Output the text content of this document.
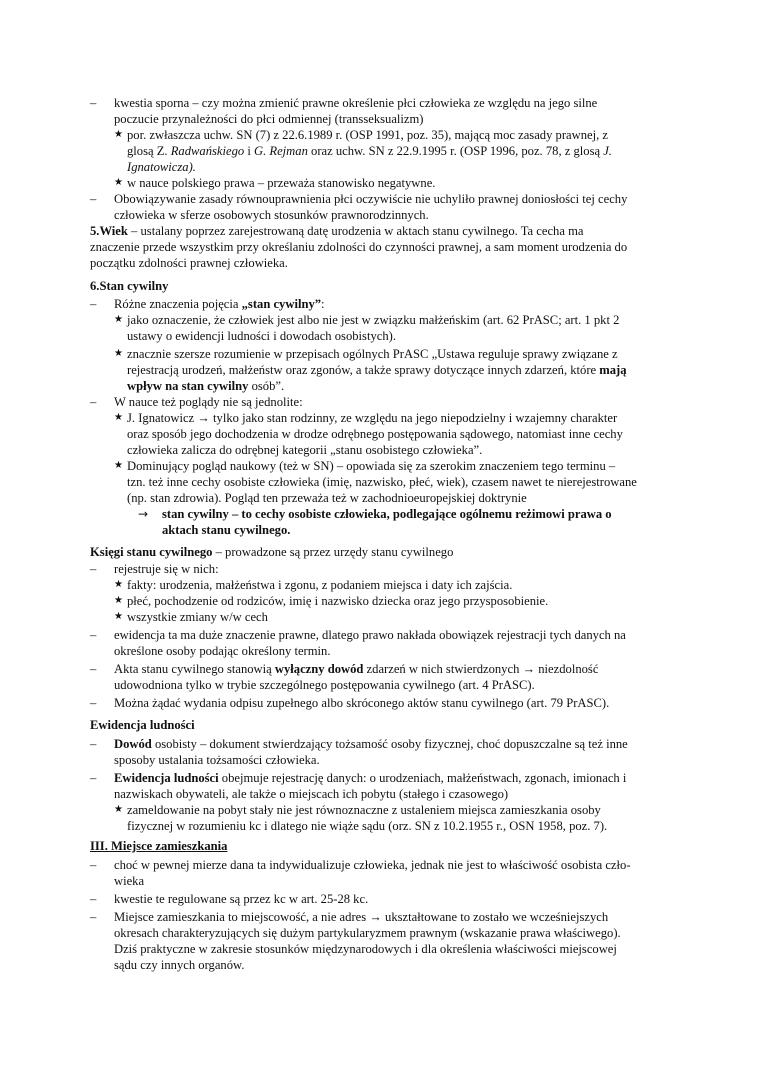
– kwestia sporna – czy można zmienić prawne określenie płci człowieka ze względu na jego silne
poczucie przynależności do płci odmiennej (transseksualizm)
★ por. zwłaszcza uchw. SN (7) z 22.6.1989 r. (OSP 1991, poz. 35), mającą moc zasady prawnej, z
glosą Z. Radwańskiego i G. Rejman oraz uchw. SN z 22.9.1995 r. (OSP 1996, poz. 78, z glosą J.
Ignatowicza).
★ w nauce polskiego prawa – przeważa stanowisko negatywne.
– Obowiązywanie zasady równouprawnienia płci oczywiście nie uchyliło prawnej doniosłości tej cechy
człowieka w sferze osobowych stosunków prawnorodzinnych.
5.Wiek – ustalany poprzez zarejestrowaną datę urodzenia w aktach stanu cywilnego. Ta cecha ma
znaczenie przede wszystkim przy określaniu zdolności do czynności prawnej, a sam moment urodzenia do
początku zdolności prawnej człowieka.
6.Stan cywilny
– Różne znaczenia pojęcia „stan cywilny”:
★ jako oznaczenie, że człowiek jest albo nie jest w związku małżeńskim (art. 62 PrASC; art. 1 pkt 2
ustawy o ewidencji ludności i dowodach osobistych).
★ znacznie szersze rozumienie w przepisach ogólnych PrASC „Ustawa reguluje sprawy związane z
rejestracją urodzeń, małżeństw oraz zgonów, a także sprawy dotyczące innych zdarzeń, które mają
wpływ na stan cywilny osób”.
– W nauce też poglądy nie są jednolite:
★ J. Ignatowicz → tylko jako stan rodzinny, ze względu na jego niepodzielny i wzajemny charakter
oraz sposób jego dochodzenia w drodze odrębnego postępowania sądowego, natomiast inne cechy
człowieka zalicza do odrębnej kategorii „stanu osobistego człowieka”.
★ Dominujący pogląd naukowy (też w SN) – opowiada się za szerokim znaczeniem tego terminu –
tzn. też inne cechy osobiste człowieka (imię, nazwisko, płeć, wiek), czasem nawet te nierejestrowane
(np. stan zdrowia). Pogląd ten przeważa też w zachodnioeuropejskiej doktrynie
→ stan cywilny – to cechy osobiste człowieka, podlegające ogólnemu reżimowi prawa o
aktach stanu cywilnego.
Księgi stanu cywilnego – prowadzone są przez urzędy stanu cywilnego
– rejestruje się w nich:
★ fakty: urodzenia, małżeństwa i zgonu, z podaniem miejsca i daty ich zajścia.
★ płeć, pochodzenie od rodziców, imię i nazwisko dziecka oraz jego przysposobienie.
★ wszystkie zmiany w/w cech
– ewidencja ta ma duże znaczenie prawne, dlatego prawo nakłada obowiązek rejestracji tych danych na
określone osoby podając określony termin.
– Akta stanu cywilnego stanowią wyłączny dowód zdarzeń w nich stwierdzonych → niezdolność
udowodniona tylko w trybie szczególnego postępowania cywilnego (art. 4 PrASC).
– Można żądać wydania odpisu zupełnego albo skróconego aktów stanu cywilnego (art. 79 PrASC).
Ewidencja ludności
– Dowód osobisty – dokument stwierdzający tożsamość osoby fizycznej, choć dopuszczalne są też inne
sposoby ustalania tożsamości człowieka.
– Ewidencja ludności obejmuje rejestrację danych: o urodzeniach, małżeństwach, zgonach, imionach i
nazwiskach obywateli, ale także o miejscach ich pobytu (stałego i czasowego)
★ zameldowanie na pobyt stały nie jest równoznaczne z ustaleniem miejsca zamieszkania osoby
fizycznej w rozumieniu kc i dlatego nie wiąże sądu (orz. SN z 10.2.1955 r., OSN 1958, poz. 7).
III. Miejsce zamieszkania
– choć w pewnej mierze dana ta indywidualizuje człowieka, jednak nie jest to właściwość osobista czło-
wieka
– kwestie te regulowane są przez kc w art. 25-28 kc.
– Miejsce zamieszkania to miejscowość, a nie adres → ukształtowane to zostało we wcześniejszych
okresach charakteryzujących się dużym partykularyzmem prawnym (wskazanie prawa właściwego).
Dziś praktyczne w zakresie stosunków międzynarodowych i dla określenia właściwości miejscowej
sądu czy innych organów.
